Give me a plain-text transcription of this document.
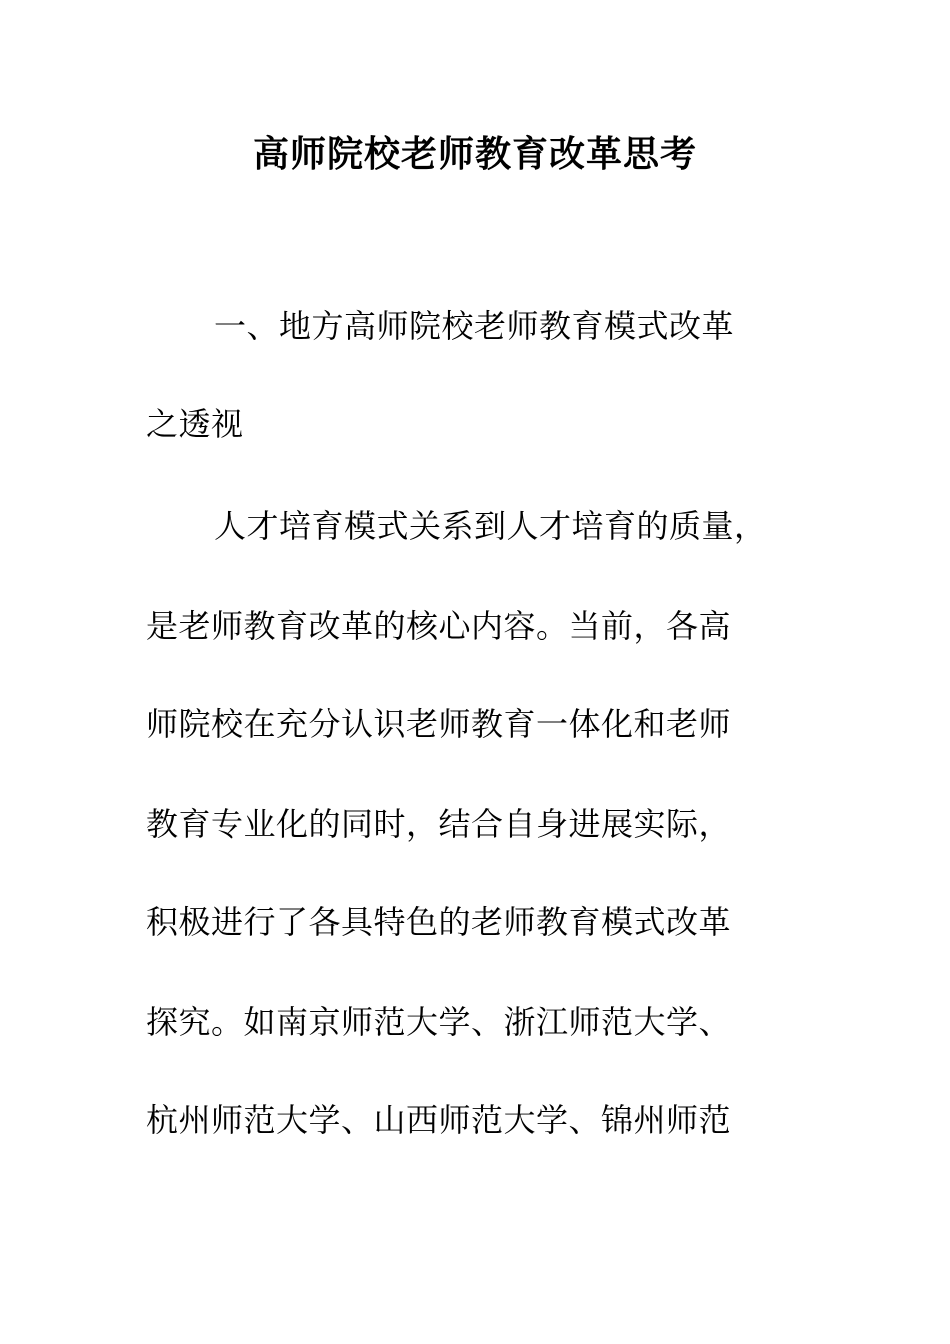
高师院校老师教育改革思考
一、地方高师院校老师教育模式改革
之透视
人才培育模式关系到人才培育的质量，
是老师教育改革的核心内容。当前，各高
师院校在充分认识老师教育一体化和老师
教育专业化的同时，结合自身进展实际，
积极进行了各具特色的老师教育模式改革
探究。如南京师范大学、浙江师范大学、
杭州师范大学、山西师范大学、锦州师范
